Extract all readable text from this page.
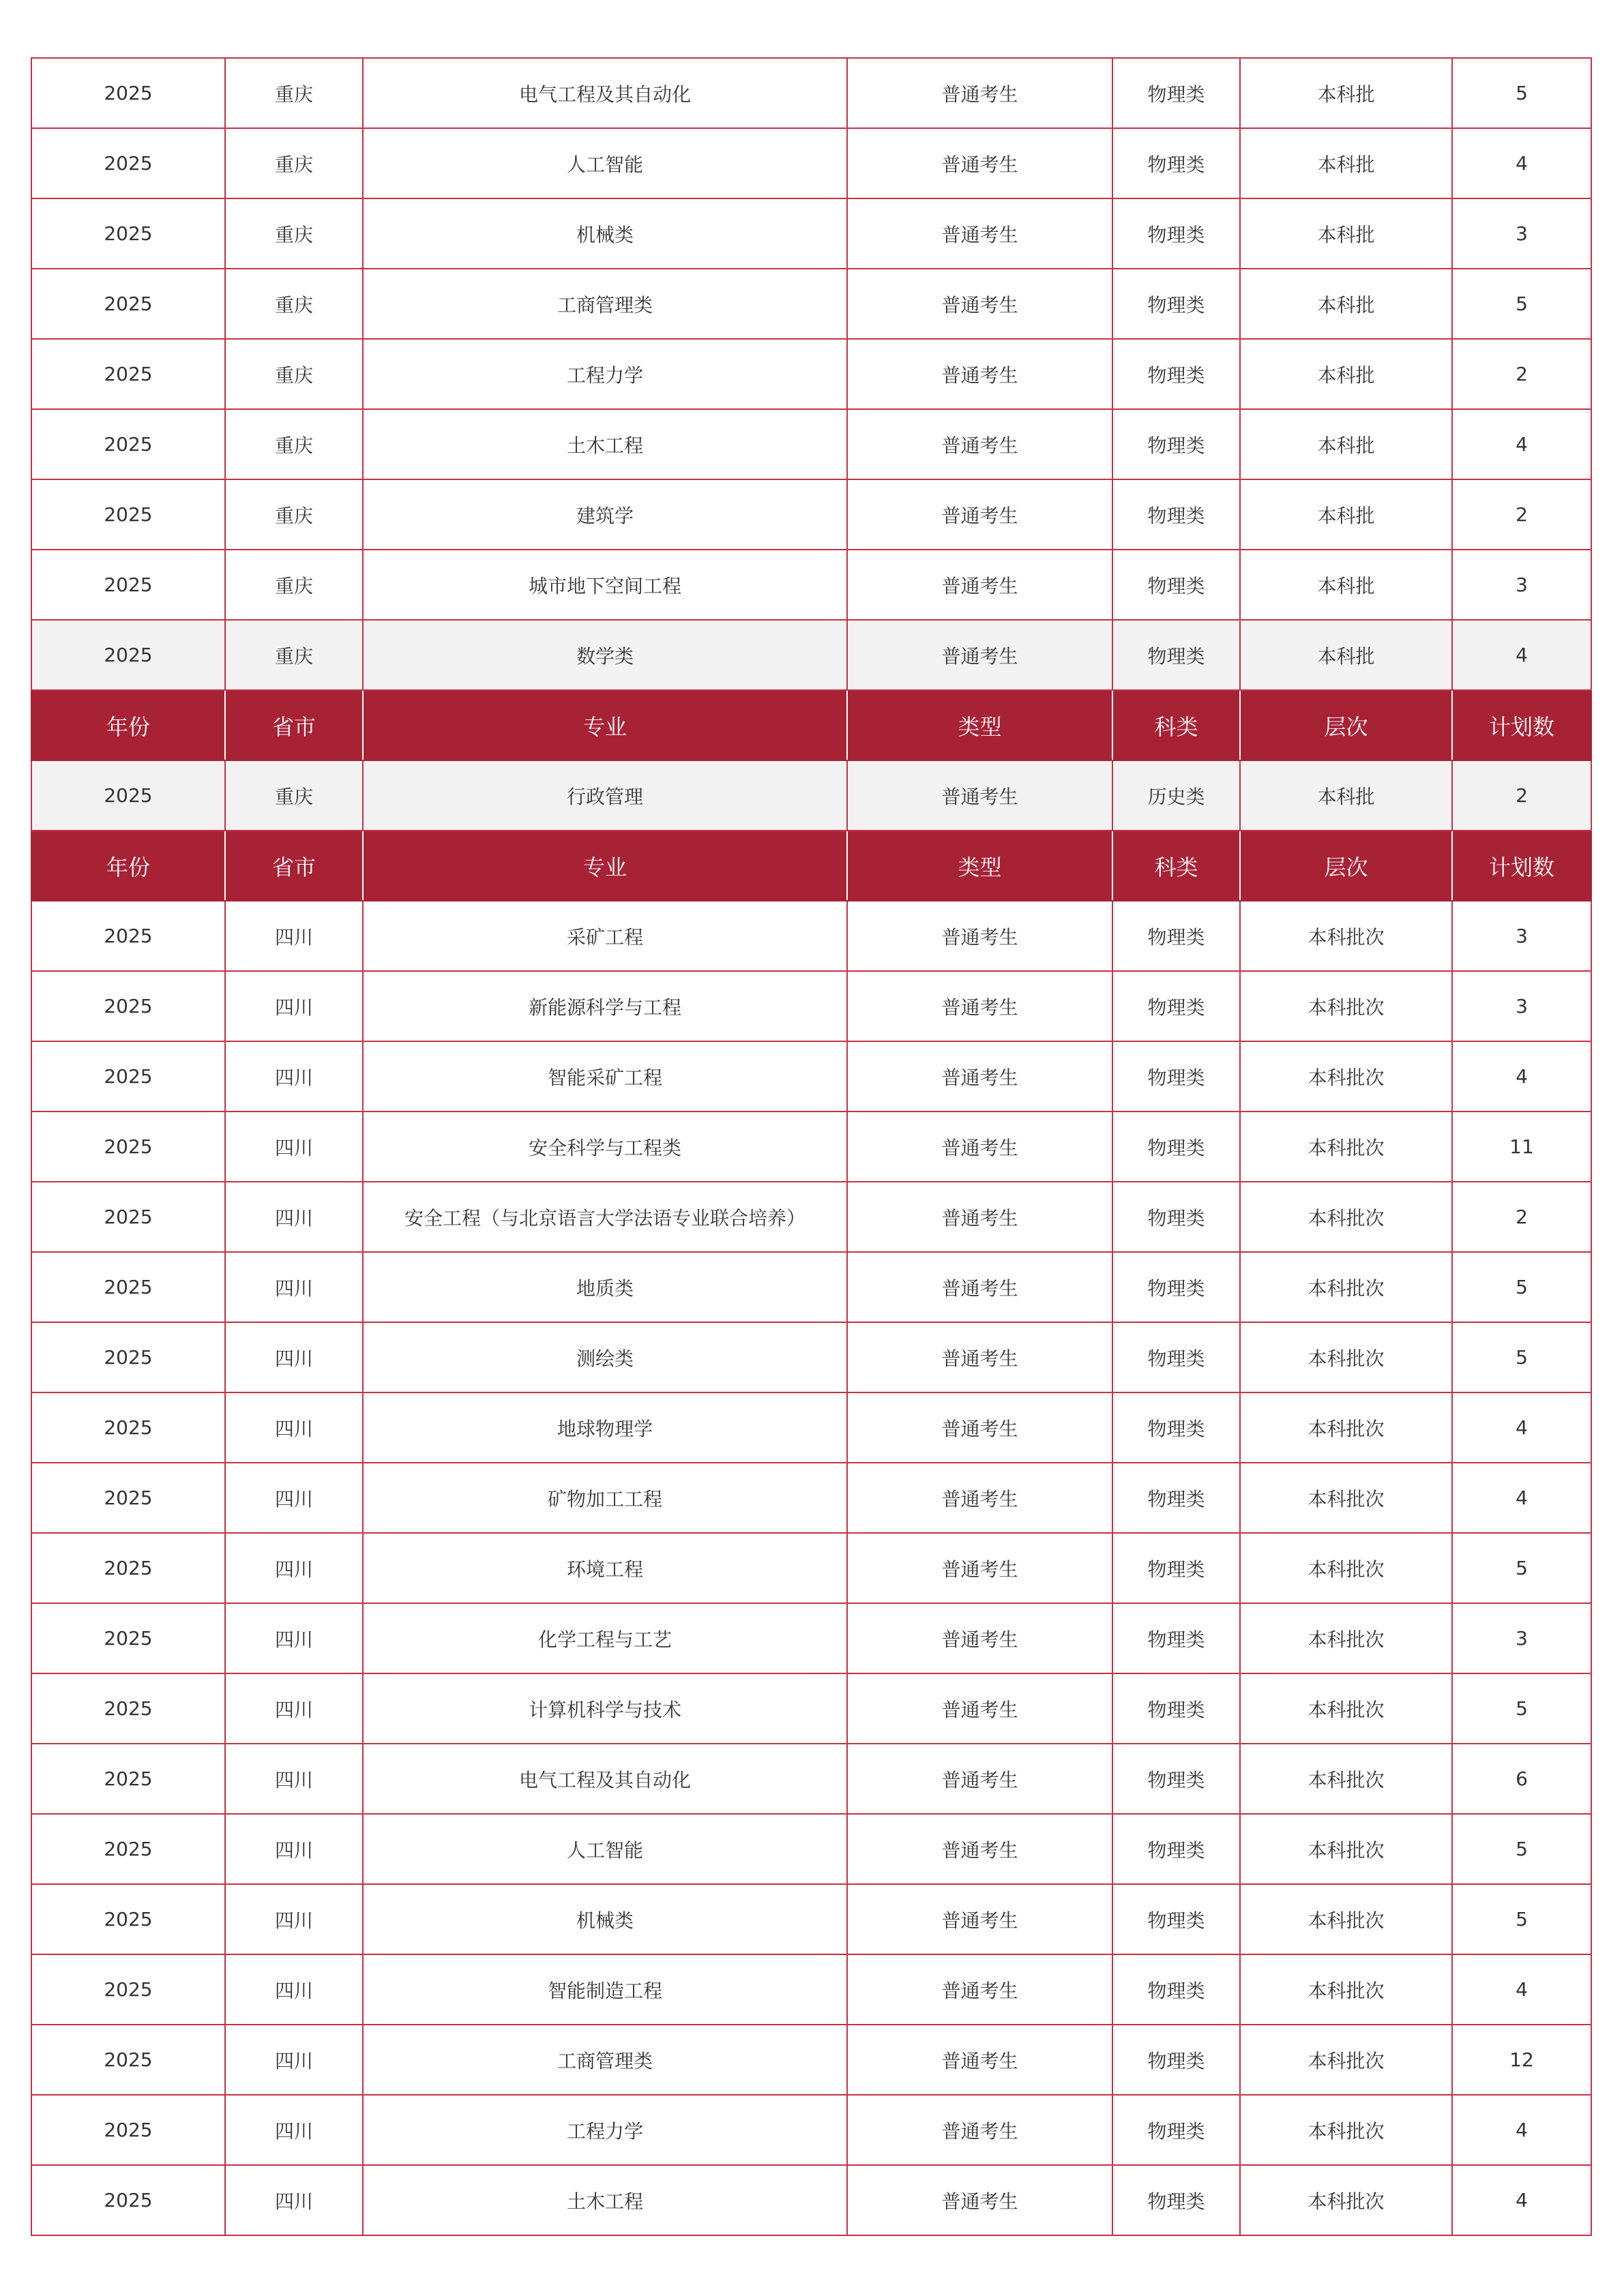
2025	重庆	电气工程及其自动化	普通考生	物理类	本科批	5
2025	重庆	人工智能	普通考生	物理类	本科批	4
2025	重庆	机械类	普通考生	物理类	本科批	3
2025	重庆	工商管理类	普通考生	物理类	本科批	5
2025	重庆	工程力学	普通考生	物理类	本科批	2
2025	重庆	土木工程	普通考生	物理类	本科批	4
2025	重庆	建筑学	普通考生	物理类	本科批	2
2025	重庆	城市地下空间工程	普通考生	物理类	本科批	3
2025	重庆	数学类	普通考生	物理类	本科批	4
年份	省市	专业	类型	科类	层次	计划数
2025	重庆	行政管理	普通考生	历史类	本科批	2
年份	省市	专业	类型	科类	层次	计划数
2025	四川	采矿工程	普通考生	物理类	本科批次	3
2025	四川	新能源科学与工程	普通考生	物理类	本科批次	3
2025	四川	智能采矿工程	普通考生	物理类	本科批次	4
2025	四川	安全科学与工程类	普通考生	物理类	本科批次	11
2025	四川	安全工程（与北京语言大学法语专业联合培养）	普通考生	物理类	本科批次	2
2025	四川	地质类	普通考生	物理类	本科批次	5
2025	四川	测绘类	普通考生	物理类	本科批次	5
2025	四川	地球物理学	普通考生	物理类	本科批次	4
2025	四川	矿物加工工程	普通考生	物理类	本科批次	4
2025	四川	环境工程	普通考生	物理类	本科批次	5
2025	四川	化学工程与工艺	普通考生	物理类	本科批次	3
2025	四川	计算机科学与技术	普通考生	物理类	本科批次	5
2025	四川	电气工程及其自动化	普通考生	物理类	本科批次	6
2025	四川	人工智能	普通考生	物理类	本科批次	5
2025	四川	机械类	普通考生	物理类	本科批次	5
2025	四川	智能制造工程	普通考生	物理类	本科批次	4
2025	四川	工商管理类	普通考生	物理类	本科批次	12
2025	四川	工程力学	普通考生	物理类	本科批次	4
2025	四川	土木工程	普通考生	物理类	本科批次	4
